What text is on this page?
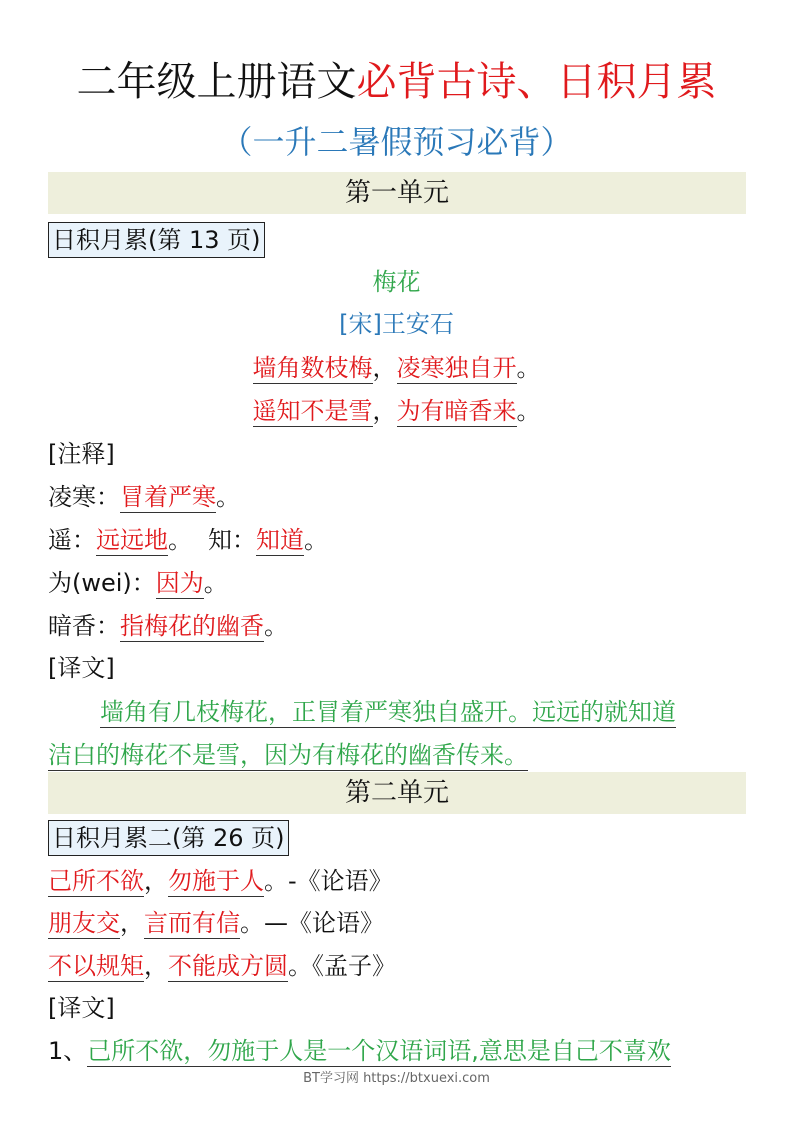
二年级上册语文必背古诗、日积月累
（一升二暑假预习必背）
第一单元
日积月累(第 13 页)
梅花
[宋]王安石
墙角数枝梅，凌寒独自开。
遥知不是雪，为有暗香来。
[注释]
凌寒：冒着严寒。
遥：远远地。 知：知道。
为(wei)：因为。
暗香：指梅花的幽香。
[译文]
墙角有几枝梅花，正冒着严寒独自盛开。远远的就知道
洁白的梅花不是雪，因为有梅花的幽香传来。
第二单元
日积月累二(第 26 页)
己所不欲，勿施于人。-《论语》
朋友交，言而有信。—《论语》
不以规矩，不能成方圆。《孟子》
[译文]
1、己所不欲，勿施于人是一个汉语词语,意思是自己不喜欢
BT学习网 https://btxuexi.com
